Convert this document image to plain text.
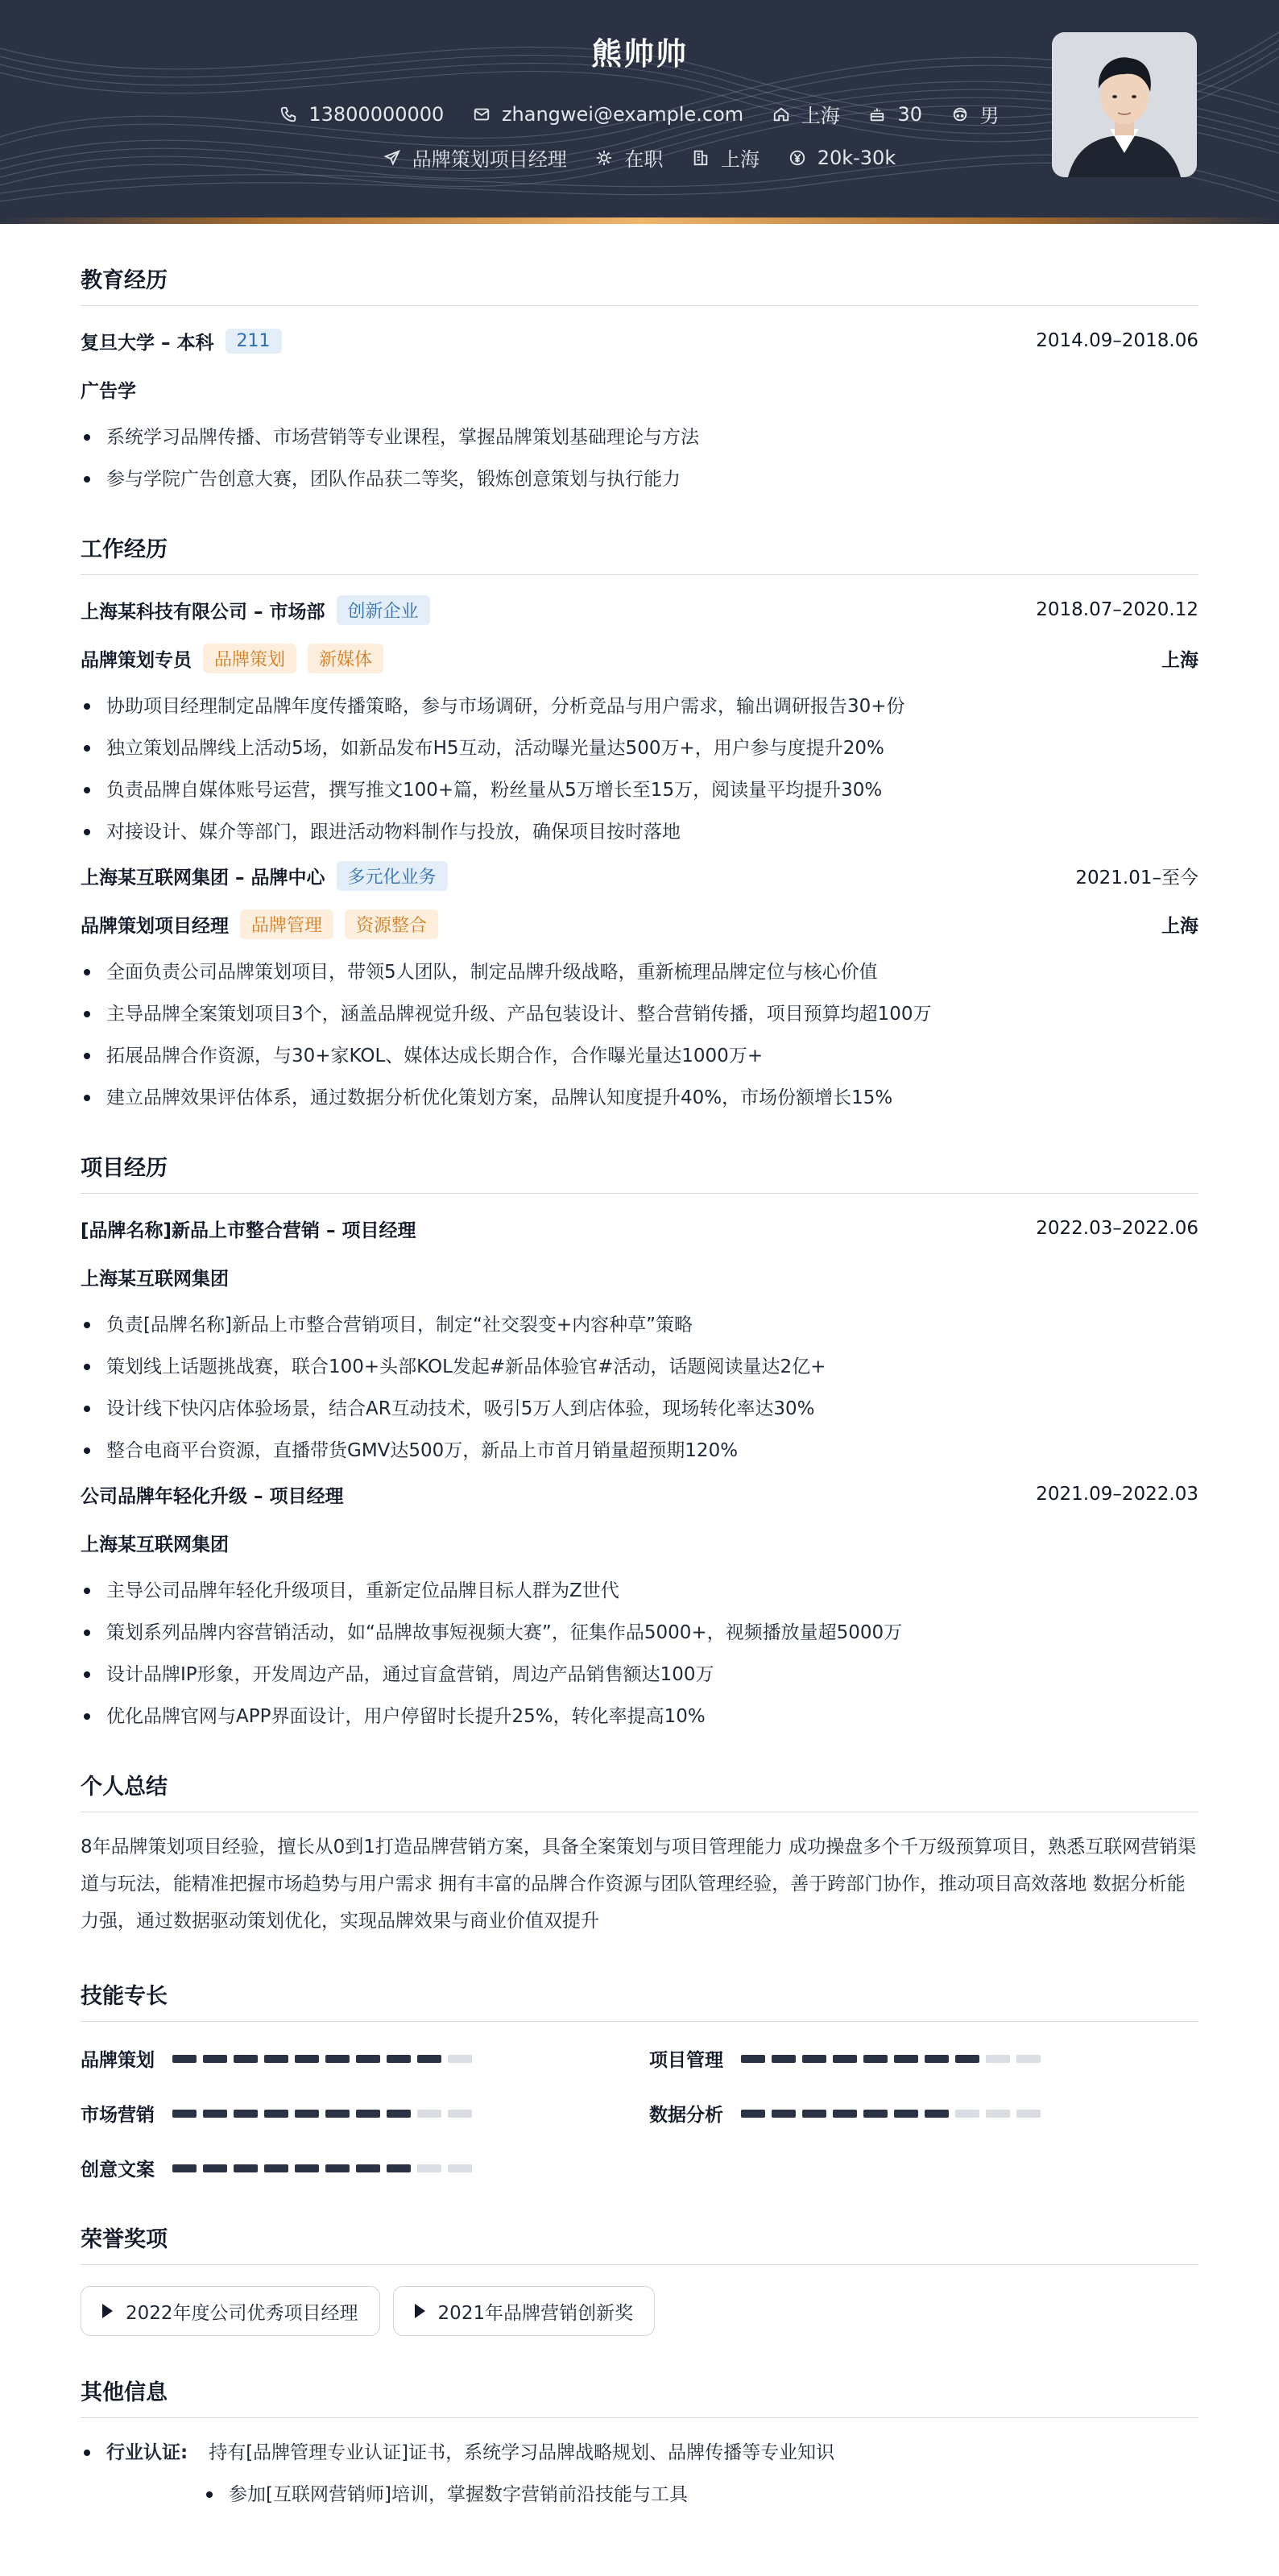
熊帅帅
13800000000
	zhangwei@example.com
	上海
	30
	男
品牌策划项目经理
	在职
	上海
	20k-30k
教育经历
复旦大学 – 本科	211	2014.09–2018.06
广告学
系统学习品牌传播、市场营销等专业课程，掌握品牌策划基础理论与方法
参与学院广告创意大赛，团队作品获二等奖，锻炼创意策划与执行能力
工作经历
上海某科技有限公司 – 市场部	创新企业	2018.07–2020.12
品牌策划专员	品牌策划	新媒体	上海
协助项目经理制定品牌年度传播策略，参与市场调研，分析竞品与用户需求，输出调研报告30+份
独立策划品牌线上活动5场，如新品发布H5互动，活动曝光量达500万+，用户参与度提升20%
负责品牌自媒体账号运营，撰写推文100+篇，粉丝量从5万增长至15万，阅读量平均提升30%
对接设计、媒介等部门，跟进活动物料制作与投放，确保项目按时落地
上海某互联网集团 – 品牌中心	多元化业务	2021.01–至今
品牌策划项目经理	品牌管理	资源整合	上海
全面负责公司品牌策划项目，带领5人团队，制定品牌升级战略，重新梳理品牌定位与核心价值
主导品牌全案策划项目3个，涵盖品牌视觉升级、产品包装设计、整合营销传播，项目预算均超100万
拓展品牌合作资源，与30+家KOL、媒体达成长期合作，合作曝光量达1000万+
建立品牌效果评估体系，通过数据分析优化策划方案，品牌认知度提升40%，市场份额增长15%
项目经历
[品牌名称]新品上市整合营销 – 项目经理	2022.03–2022.06
上海某互联网集团
负责[品牌名称]新品上市整合营销项目，制定“社交裂变+内容种草”策略
策划线上话题挑战赛，联合100+头部KOL发起#新品体验官#活动，话题阅读量达2亿+
设计线下快闪店体验场景，结合AR互动技术，吸引5万人到店体验，现场转化率达30%
整合电商平台资源，直播带货GMV达500万，新品上市首月销量超预期120%
公司品牌年轻化升级 – 项目经理	2021.09–2022.03
上海某互联网集团
主导公司品牌年轻化升级项目，重新定位品牌目标人群为Z世代
策划系列品牌内容营销活动，如“品牌故事短视频大赛”，征集作品5000+，视频播放量超5000万
设计品牌IP形象，开发周边产品，通过盲盒营销，周边产品销售额达100万
优化品牌官网与APP界面设计，用户停留时长提升25%，转化率提高10%
个人总结
8年品牌策划项目经验，擅长从0到1打造品牌营销方案，具备全案策划与项目管理能力 成功操盘多个千万级预算项目，熟悉互联网营销渠道与玩法，能精准把握市场趋势与用户需求 拥有丰富的品牌合作资源与团队管理经验，善于跨部门协作，推动项目高效落地 数据分析能力强，通过数据驱动策划优化，实现品牌效果与商业价值双提升
技能专长
品牌策划	项目管理
市场营销	数据分析
创意文案
荣誉奖项
2022年度公司优秀项目经理	2021年品牌营销创新奖
其他信息
行业认证: 持有[品牌管理专业认证]证书，系统学习品牌战略规划、品牌传播等专业知识
参加[互联网营销师]培训，掌握数字营销前沿技能与工具
